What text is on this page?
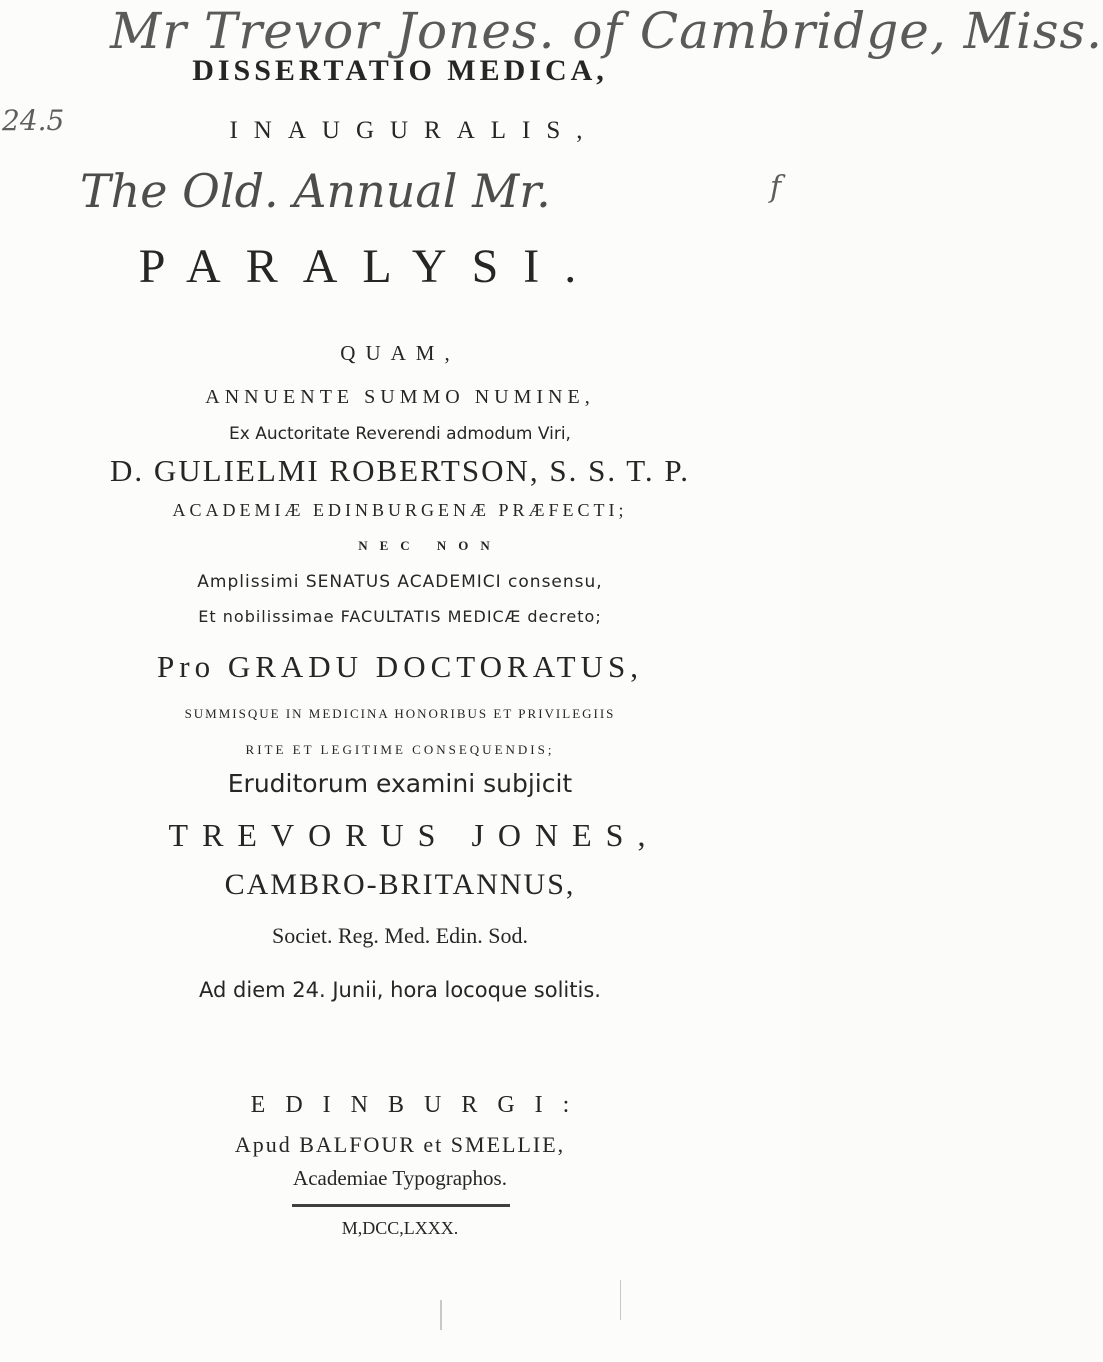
Mr Trevor Jones. of Cambridge, Miss.
DISSERTATIO MEDICA,
24.5	INAUGURALIS,
The Old. Annual Mr.	f
PARALYSI.
QUAM,
ANNUENTE SUMMO NUMINE,
Ex Auctoritate Reverendi admodum Viri,
D. GULIELMI ROBERTSON, S. S. T. P.
ACADEMIÆ EDINBURGENÆ PRÆFECTI;
NEC NON
Amplissimi SENATUS ACADEMICI consensu,
Et nobilissimae FACULTATIS MEDICÆ decreto;
Pro GRADU DOCTORATUS,
SUMMISQUE IN MEDICINA HONORIBUS ET PRIVILEGIIS
RITE ET LEGITIME CONSEQUENDIS;
Eruditorum examini subjicit
TREVORUS JONES,
CAMBRO-BRITANNUS,
Societ. Reg. Med. Edin. Sod.
Ad diem 24. Junii, hora locoque solitis.
EDINBURGI:
Apud BALFOUR et SMELLIE,
Academiae Typographos.
M,DCC,LXXX.
